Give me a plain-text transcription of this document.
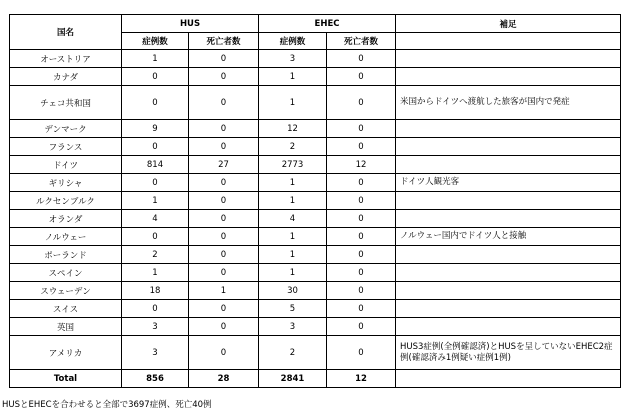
国名	HUS		EHEC		補足
	症例数	死亡者数	症例数	死亡者数	
オーストリア	1	0	3	0	
カナダ	0	0	1	0	
チェコ共和国	0	0	1	0	米国からドイツへ渡航した旅客が国内で発症
デンマーク	9	0	12	0	
フランス	0	0	2	0	
ドイツ	814	27	2773	12	
ギリシャ	0	0	1	0	ドイツ人観光客
ルクセンブルク	1	0	1	0	
オランダ	4	0	4	0	
ノルウェー	0	0	1	0	ノルウェー国内でドイツ人と接触
ポーランド	2	0	1	0	
スペイン	1	0	1	0	
スウェーデン	18	1	30	0	
スイス	0	0	5	0	
英国	3	0	3	0	
アメリカ	3	0	2	0	HUS3症例(全例確認済)とHUSを呈していないEHEC2症例(確認済み1例疑い症例1例)
Total	856	28	2841	12	
HUSとEHECを合わせると全部で3697症例、死亡40例
